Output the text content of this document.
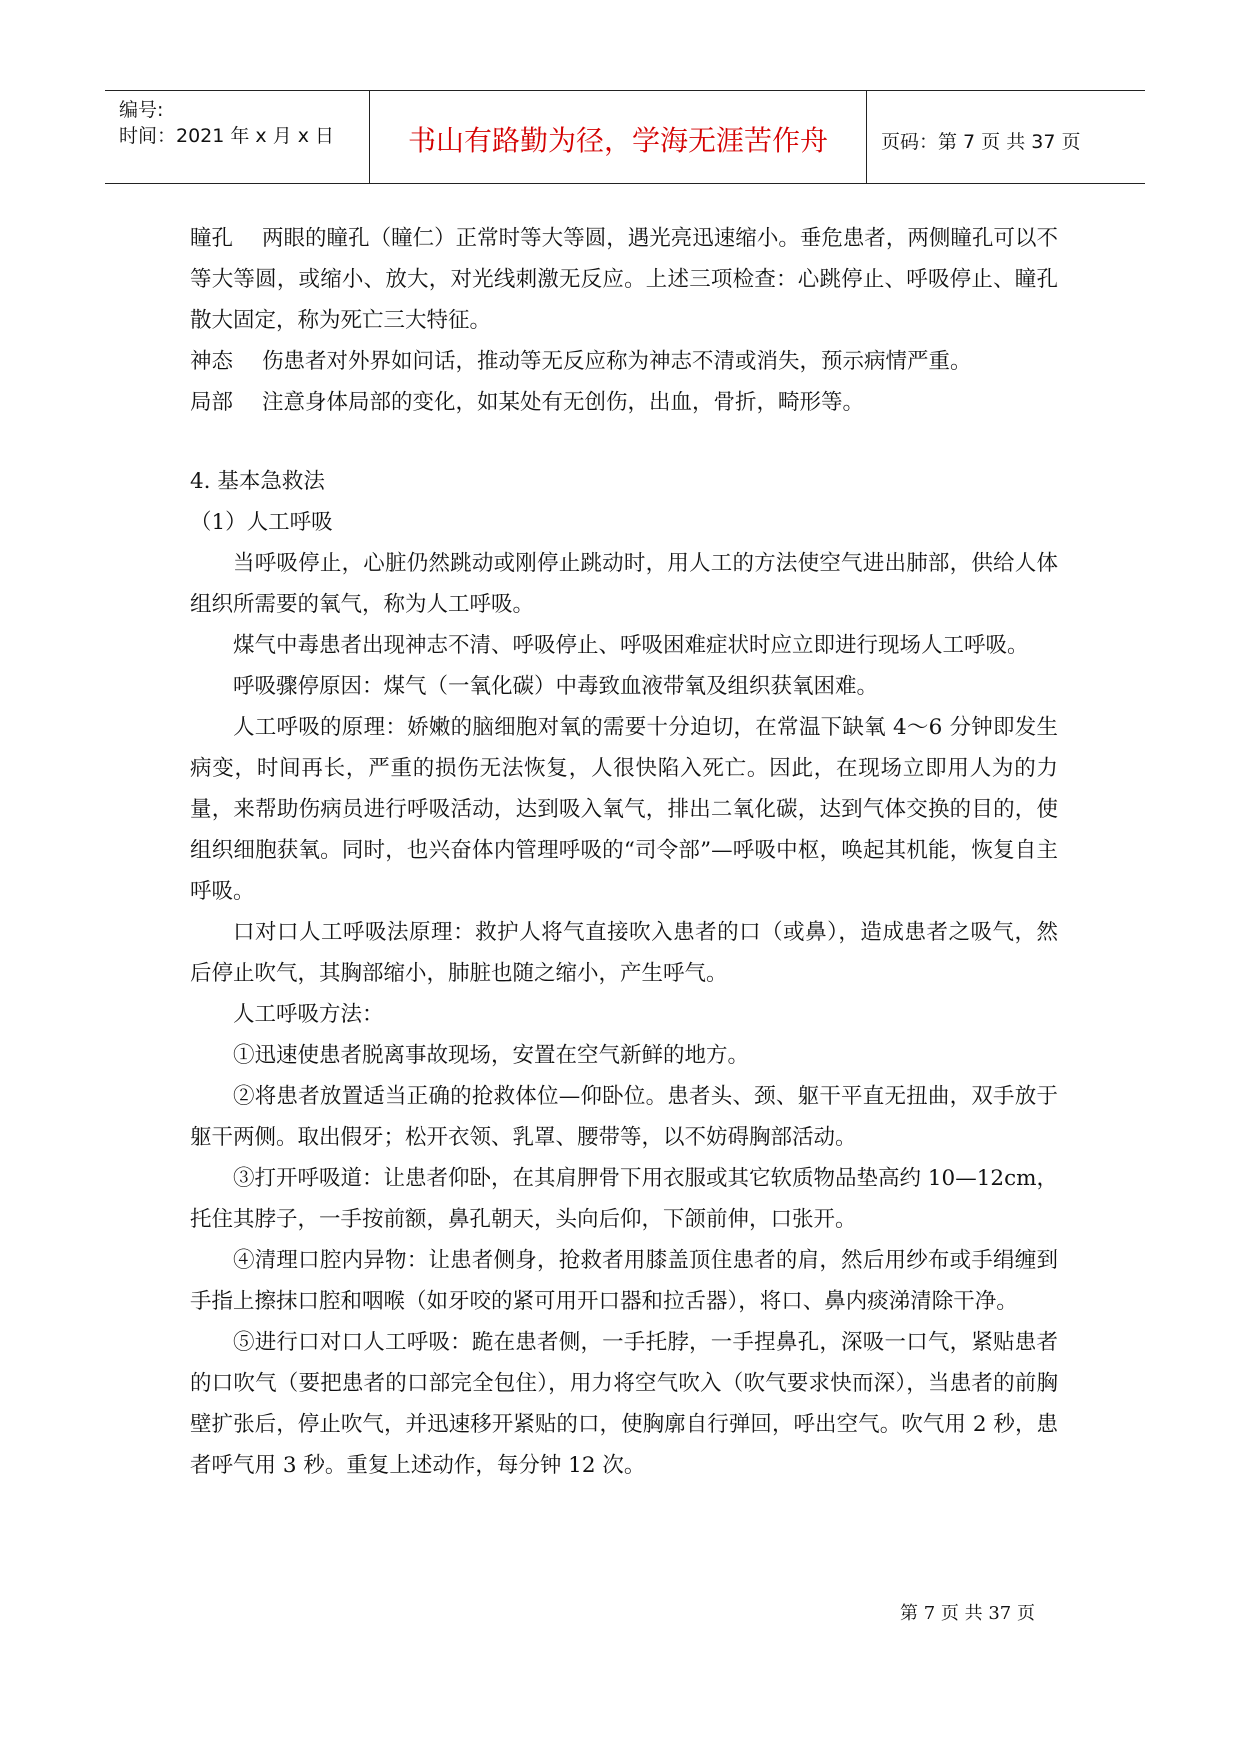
编号:
时间：2021 年 x 月 x 日	书山有路勤为径，学海无涯苦作舟	页码：第 7 页 共 37 页

瞳孔 两眼的瞳孔（瞳仁）正常时等大等圆，遇光亮迅速缩小。垂危患者，两侧瞳孔可以不等大等圆，或缩小、放大，对光线刺激无反应。上述三项检查：心跳停止、呼吸停止、瞳孔散大固定，称为死亡三大特征。

神态 伤患者对外界如问话，推动等无反应称为神志不清或消失，预示病情严重。

局部 注意身体局部的变化，如某处有无创伤，出血，骨折，畸形等。

4. 基本急救法

（1）人工呼吸

当呼吸停止，心脏仍然跳动或刚停止跳动时，用人工的方法使空气进出肺部，供给人体组织所需要的氧气，称为人工呼吸。

煤气中毒患者出现神志不清、呼吸停止、呼吸困难症状时应立即进行现场人工呼吸。

呼吸骤停原因：煤气（一氧化碳）中毒致血液带氧及组织获氧困难。

人工呼吸的原理：娇嫩的脑细胞对氧的需要十分迫切，在常温下缺氧 4～6 分钟即发生病变，时间再长，严重的损伤无法恢复，人很快陷入死亡。因此，在现场立即用人为的力量，来帮助伤病员进行呼吸活动，达到吸入氧气，排出二氧化碳，达到气体交换的目的，使组织细胞获氧。同时，也兴奋体内管理呼吸的“司令部”—呼吸中枢，唤起其机能，恢复自主呼吸。

口对口人工呼吸法原理：救护人将气直接吹入患者的口（或鼻），造成患者之吸气，然后停止吹气，其胸部缩小，肺脏也随之缩小，产生呼气。

人工呼吸方法：

①迅速使患者脱离事故现场，安置在空气新鲜的地方。

②将患者放置适当正确的抢救体位—仰卧位。患者头、颈、躯干平直无扭曲，双手放于躯干两侧。取出假牙；松开衣领、乳罩、腰带等，以不妨碍胸部活动。

③打开呼吸道：让患者仰卧，在其肩胛骨下用衣服或其它软质物品垫高约 10—12cm，托住其脖子，一手按前额，鼻孔朝天，头向后仰，下颌前伸，口张开。

④清理口腔内异物：让患者侧身，抢救者用膝盖顶住患者的肩，然后用纱布或手绢缠到手指上擦抹口腔和咽喉（如牙咬的紧可用开口器和拉舌器），将口、鼻内痰涕清除干净。

⑤进行口对口人工呼吸：跪在患者侧，一手托脖，一手捏鼻孔，深吸一口气，紧贴患者的口吹气（要把患者的口部完全包住），用力将空气吹入（吹气要求快而深），当患者的前胸壁扩张后，停止吹气，并迅速移开紧贴的口，使胸廓自行弹回，呼出空气。吹气用 2 秒，患者呼气用 3 秒。重复上述动作，每分钟 12 次。

第 7 页 共 37 页
